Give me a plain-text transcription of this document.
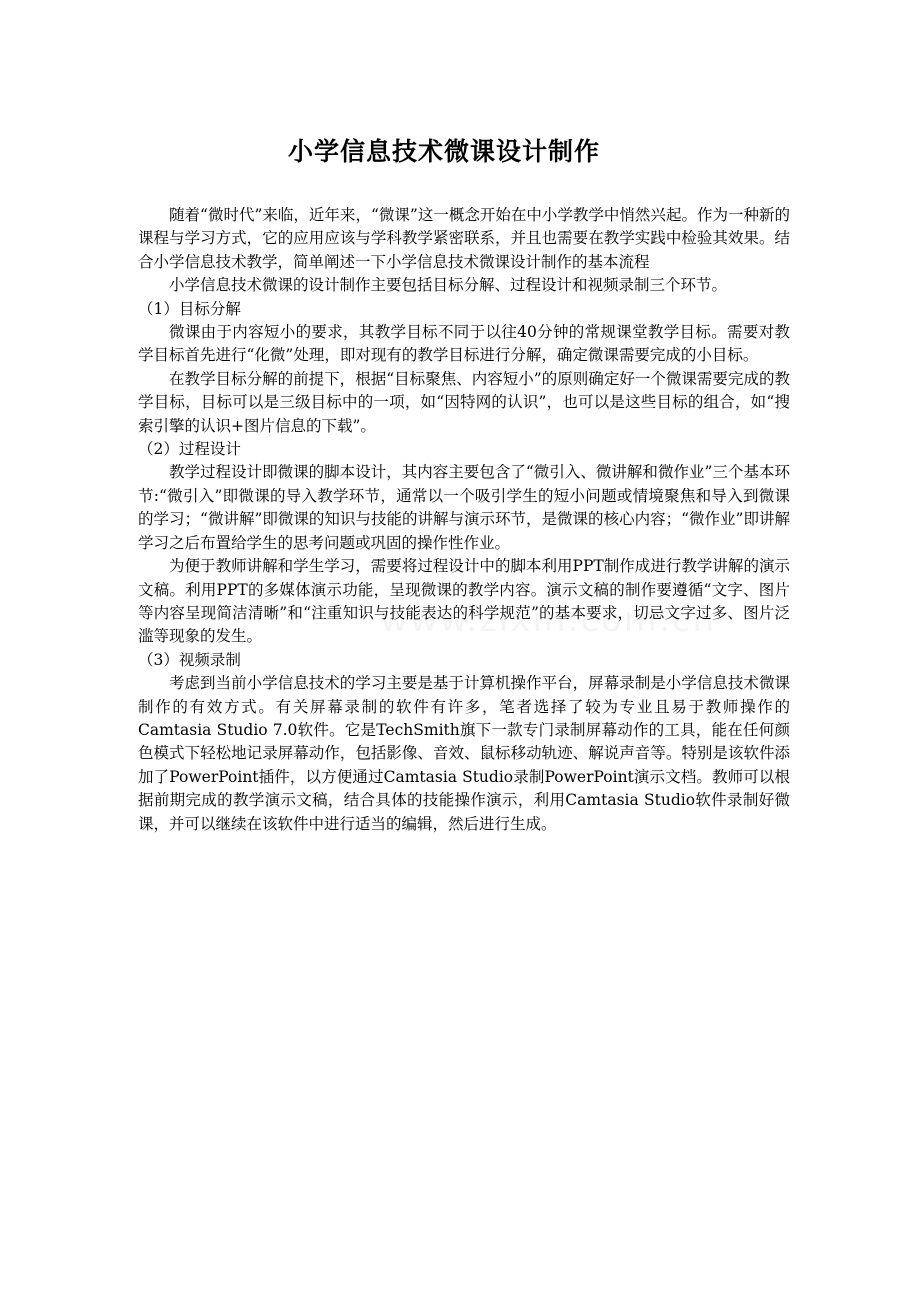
小学信息技术微课设计制作

随着“微时代”来临，近年来，“微课”这一概念开始在中小学教学中悄然兴起。作为一种新的课程与学习方式，它的应用应该与学科教学紧密联系，并且也需要在教学实践中检验其效果。结合小学信息技术教学，简单阐述一下小学信息技术微课设计制作的基本流程

小学信息技术微课的设计制作主要包括目标分解、过程设计和视频录制三个环节。

（1）目标分解

微课由于内容短小的要求，其教学目标不同于以往40分钟的常规课堂教学目标。需要对教学目标首先进行“化微”处理，即对现有的教学目标进行分解，确定微课需要完成的小目标。

在教学目标分解的前提下，根据“目标聚焦、内容短小”的原则确定好一个微课需要完成的教学目标，目标可以是三级目标中的一项，如“因特网的认识”，也可以是这些目标的组合，如“搜索引擎的认识+图片信息的下载”。

（2）过程设计

教学过程设计即微课的脚本设计，其内容主要包含了“微引入、微讲解和微作业”三个基本环节:“微引入”即微课的导入教学环节，通常以一个吸引学生的短小问题或情境聚焦和导入到微课的学习；“微讲解”即微课的知识与技能的讲解与演示环节，是微课的核心内容；“微作业”即讲解学习之后布置给学生的思考问题或巩固的操作性作业。

为便于教师讲解和学生学习，需要将过程设计中的脚本利用PPT制作成进行教学讲解的演示文稿。利用PPT的多媒体演示功能，呈现微课的教学内容。演示文稿的制作要遵循“文字、图片等内容呈现简洁清晰”和“注重知识与技能表达的科学规范”的基本要求，切忌文字过多、图片泛滥等现象的发生。

（3）视频录制

考虑到当前小学信息技术的学习主要是基于计算机操作平台，屏幕录制是小学信息技术微课制作的有效方式。有关屏幕录制的软件有许多，笔者选择了较为专业且易于教师操作的Camtasia Studio 7.0软件。它是TechSmith旗下一款专门录制屏幕动作的工具，能在任何颜色模式下轻松地记录屏幕动作，包括影像、音效、鼠标移动轨迹、解说声音等。特别是该软件添加了PowerPoint插件，以方便通过Camtasia Studio录制PowerPoint演示文档。教师可以根据前期完成的教学演示文稿，结合具体的技能操作演示，利用Camtasia Studio软件录制好微课，并可以继续在该软件中进行适当的编辑，然后进行生成。
